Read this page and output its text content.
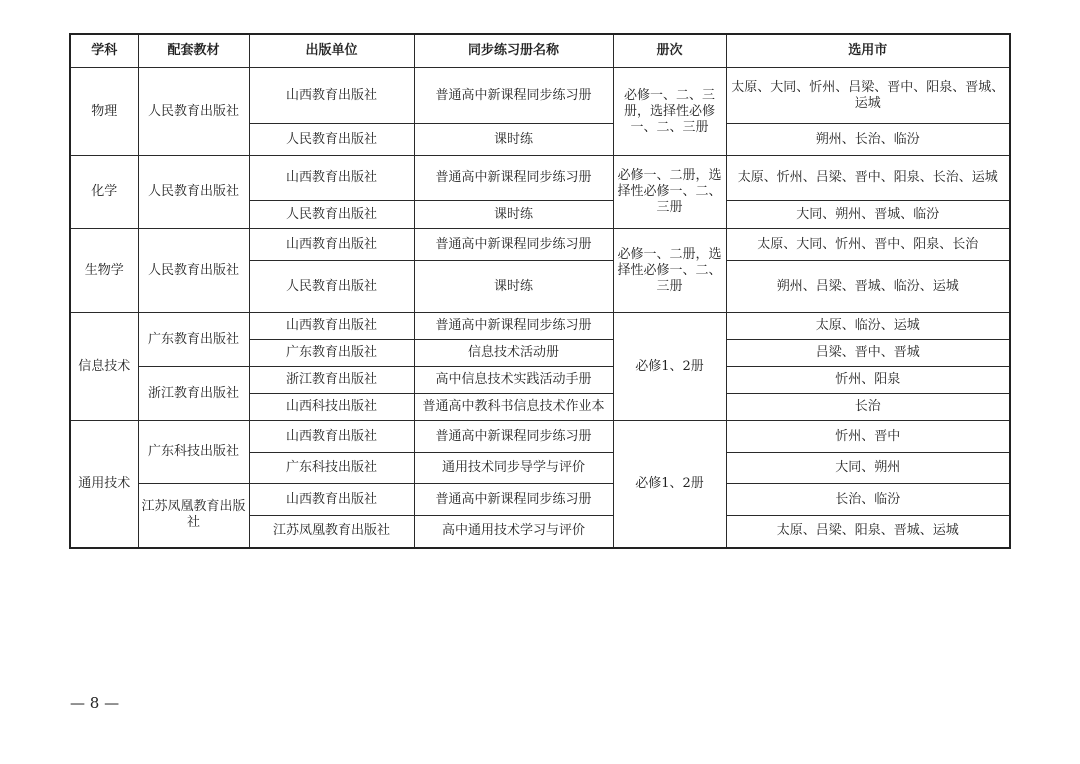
学科	配套教材	出版单位	同步练习册名称	册次	选用市
物理	人民教育出版社	山西教育出版社	普通高中新课程同步练习册	必修一、二、三册，选择性必修一、二、三册	太原、大同、忻州、吕梁、晋中、阳泉、晋城、运城
		人民教育出版社	课时练		朔州、长治、临汾
化学	人民教育出版社	山西教育出版社	普通高中新课程同步练习册	必修一、二册，选择性必修一、二、三册	太原、忻州、吕梁、晋中、阳泉、长治、运城
		人民教育出版社	课时练		大同、朔州、晋城、临汾
生物学	人民教育出版社	山西教育出版社	普通高中新课程同步练习册	必修一、二册，选择性必修一、二、三册	太原、大同、忻州、晋中、阳泉、长治
		人民教育出版社	课时练		朔州、吕梁、晋城、临汾、运城
信息技术	广东教育出版社	山西教育出版社	普通高中新课程同步练习册	必修1、2册	太原、临汾、运城
		广东教育出版社	信息技术活动册		吕梁、晋中、晋城
	浙江教育出版社	浙江教育出版社	高中信息技术实践活动手册		忻州、阳泉
		山西科技出版社	普通高中教科书信息技术作业本		长治
通用技术	广东科技出版社	山西教育出版社	普通高中新课程同步练习册	必修1、2册	忻州、晋中
		广东科技出版社	通用技术同步导学与评价		大同、朔州
	江苏凤凰教育出版社	山西教育出版社	普通高中新课程同步练习册		长治、临汾
		江苏凤凰教育出版社	高中通用技术学习与评价		太原、吕梁、阳泉、晋城、运城
— 8 —
